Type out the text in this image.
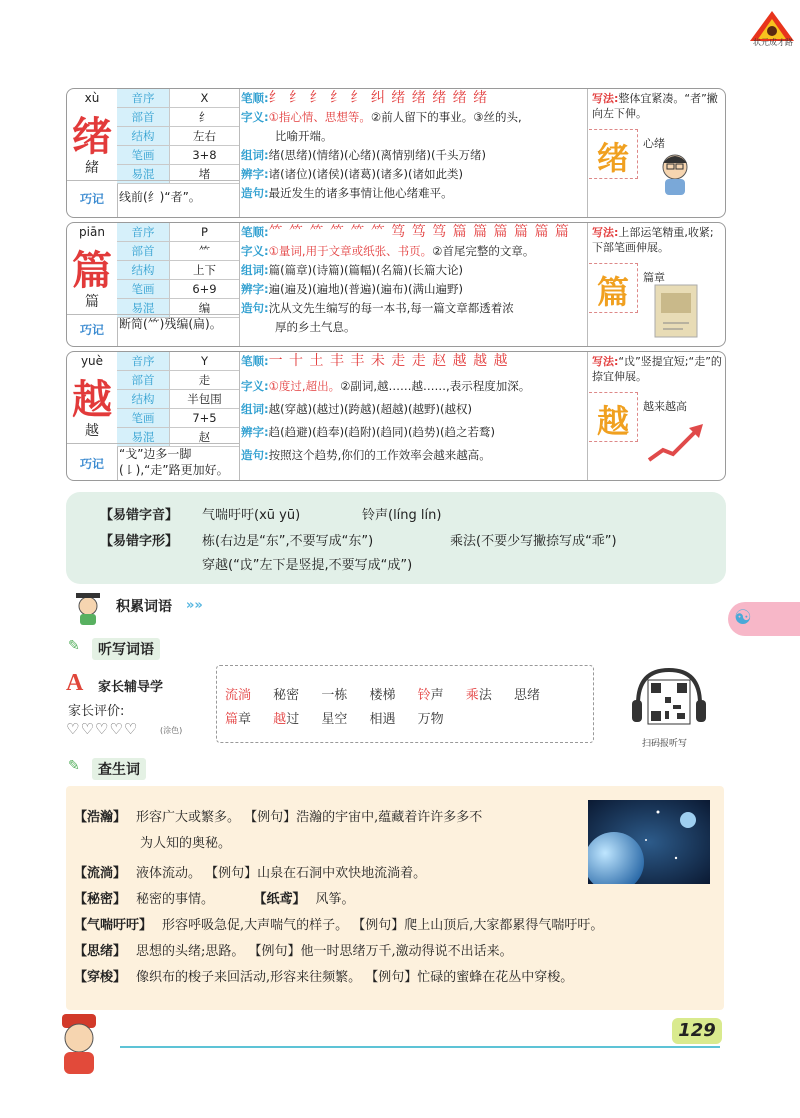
状元成才路
xù
绪
緒
巧记
音序	X
部首	纟
结构	左右
笔画	3+8
易混	堵
线前(纟)“者”。
笔顺:纟 纟 纟 纟 纟 纠 绪 绪 绪 绪 绪
字义:①指心情、思想等。②前人留下的事业。③丝的头,
比喻开端。
组词:绪(思绪)(情绪)(心绪)(离情别绪)(千头万绪)
辨字:诸(诸位)(诸侯)(诸葛)(诸多)(诸如此类)
造句:最近发生的诸多事情让他心绪难平。
写法:整体宜紧凑。“者”撇向左下伸。
绪	心绪
piān
篇
篇
巧记
音序	P
部首	⺮
结构	上下
笔画	6+9
易混	编
断简(⺮)残编(扁)。
笔顺:⺮ ⺮ ⺮ ⺮ ⺮ ⺮ 笃 笃 笃 篇 篇 篇 篇 篇 篇
字义:①量词,用于文章或纸张、书页。②首尾完整的文章。
组词:篇(篇章)(诗篇)(篇幅)(名篇)(长篇大论)
辨字:遍(遍及)(遍地)(普遍)(遍布)(满山遍野)
造句:沈从文先生编写的每一本书,每一篇文章都透着浓
厚的乡土气息。
写法:上部运笔精重,收紧;下部笔画伸展。
篇	篇章
yuè
越
越
巧记
音序	Y
部首	走
结构	半包围
笔画	7+5
易混	赵
“戈”边多一脚(㇙),“走”路更加好。
笔顺:一 十 土 丰 丰 未 走 走 赵 越 越 越
字义:①度过,超出。②副词,越……越……,表示程度加深。
组词:越(穿越)(越过)(跨越)(超越)(越野)(越权)
辨字:趋(趋避)(趋奉)(趋附)(趋同)(趋势)(趋之若鹜)
造句:按照这个趋势,你们的工作效率会越来越高。
写法:“戉”竖提宜短;“走”的捺宜伸展。
越	越来越高
【易错字音】 气喘吁吁(xū yū)	铃声(líng lín)
【易错字形】 栋(右边是“东”,不要写成“东”)	乘法(不要少写撇捺写成“乖”)
穿越(“戉”左下是竖提,不要写成“成”)
积累词语 »»	☯
✎	听写词语
A 家长辅导学
家长评价:
♡♡♡♡♡	(涂色)
流淌 秘密 一栋 楼梯 铃声 乘法 思绪
篇章 越过 星空 相遇 万物
扫码报听写
✎	查生词
【浩瀚】 形容广大或繁多。 【例句】浩瀚的宇宙中,蕴藏着许许多多不
为人知的奥秘。
【流淌】 液体流动。 【例句】山泉在石洞中欢快地流淌着。
【秘密】 秘密的事情。	【纸鸢】 风筝。
【气喘吁吁】 形容呼吸急促,大声喘气的样子。 【例句】爬上山顶后,大家都累得气喘吁吁。
【思绪】 思想的头绪;思路。 【例句】他一时思绪万千,激动得说不出话来。
【穿梭】 像织布的梭子来回活动,形容来往频繁。 【例句】忙碌的蜜蜂在花丛中穿梭。
129
